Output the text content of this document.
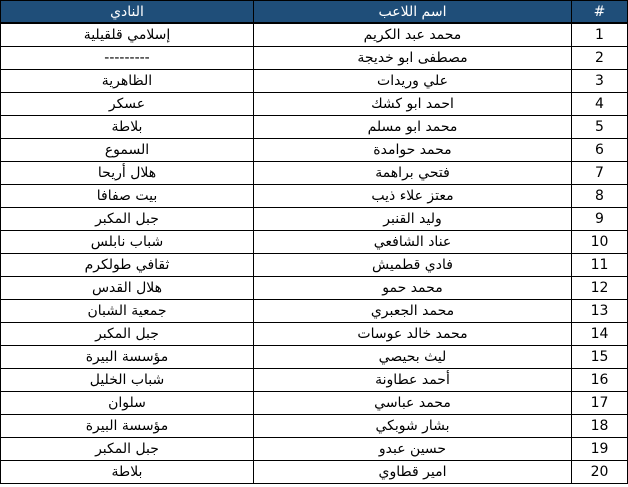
النادي	اسم اللاعب	#
إسلامي قلقيلية	محمد عبد الكريم	1
---------	مصطفى ابو خديجة	2
الظاهرية	علي وريدات	3
عسكر	احمد ابو كشك	4
بلاطة	محمد ابو مسلم	5
السموع	محمد حوامدة	6
هلال أريحا	فتحي براهمة	7
بيت صفافا	معتز علاء ذيب	8
جبل المكبر	وليد القنبر	9
شباب نابلس	عناد الشافعي	10
ثقافي طولكرم	فادي قطميش	11
هلال القدس	محمد حمو	12
جمعية الشبان	محمد الجعبري	13
جبل المكبر	محمد خالد عوسات	14
مؤسسة البيرة	ليث بحيصي	15
شباب الخليل	أحمد عطاونة	16
سلوان	محمد عباسي	17
مؤسسة البيرة	بشار شوبكي	18
جبل المكبر	حسين عبدو	19
بلاطة	امير قطاوي	20
